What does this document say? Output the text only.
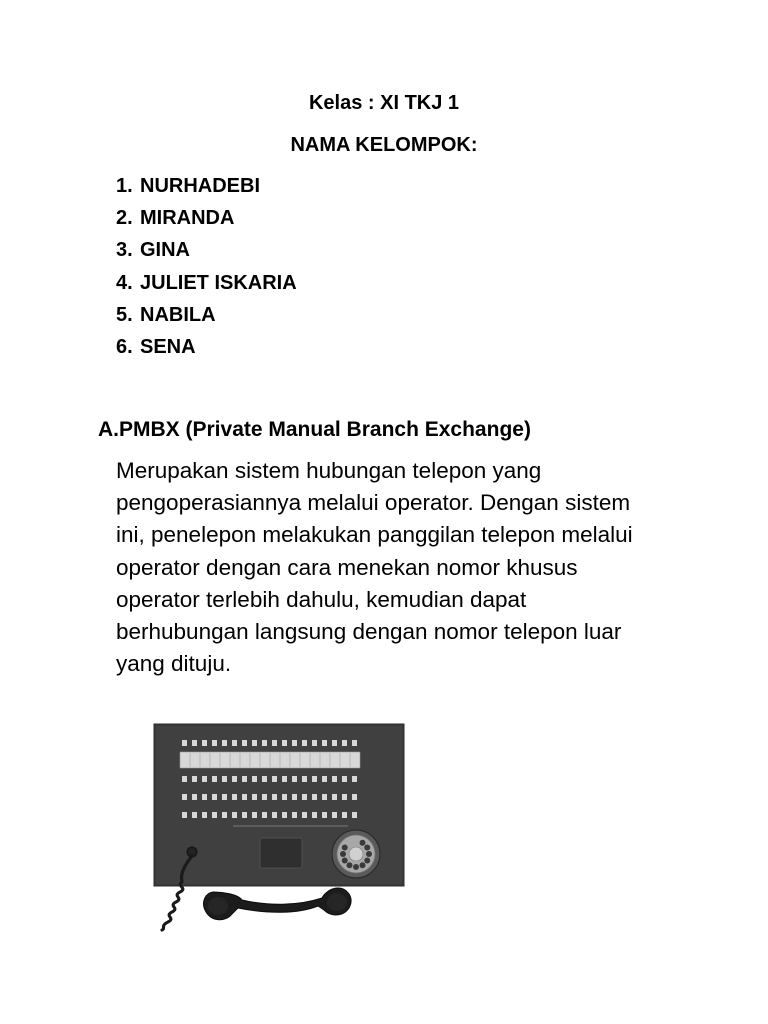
Kelas : XI TKJ 1
NAMA KELOMPOK:
1. NURHADEBI
2. MIRANDA
3. GINA
4. JULIET ISKARIA
5. NABILA
6. SENA
A.PMBX (Private Manual Branch Exchange)

Merupakan sistem hubungan telepon yang
pengoperasiannya melalui operator. Dengan sistem
ini, penelepon melakukan panggilan telepon melalui
operator dengan cara menekan nomor khusus
operator terlebih dahulu, kemudian dapat
berhubungan langsung dengan nomor telepon luar
yang dituju.
